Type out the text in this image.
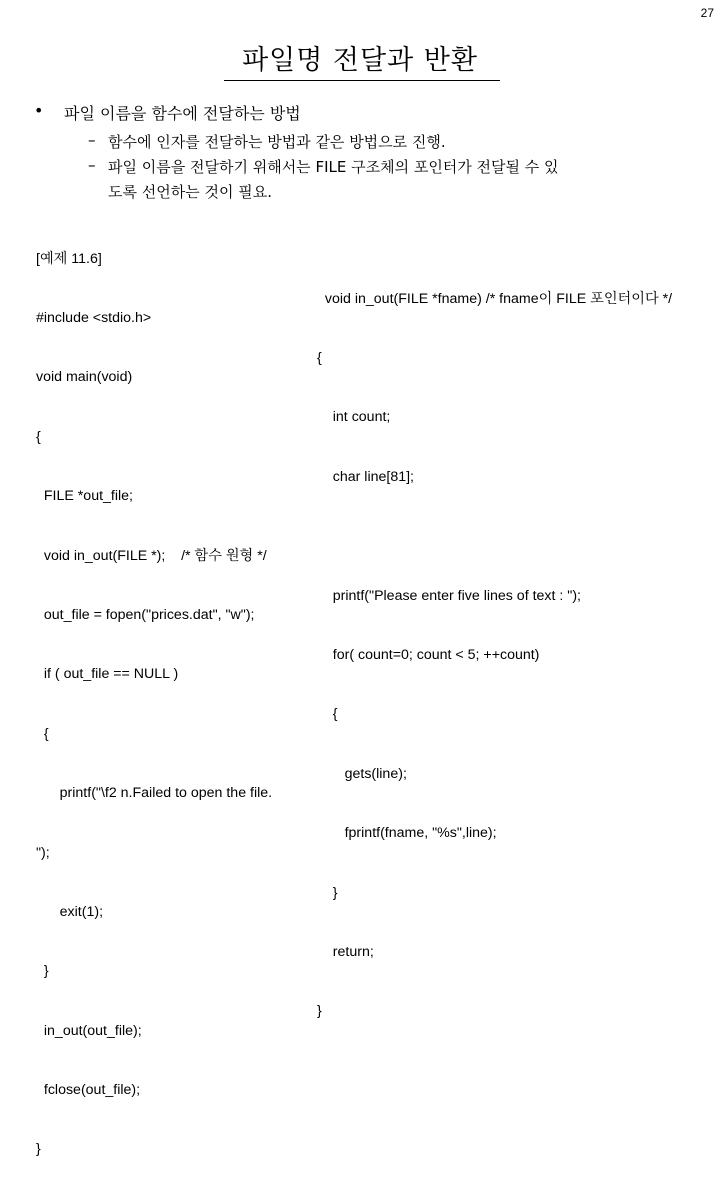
27
파일명 전달과 반환
• 파일 이름을 함수에 전달하는 방법
– 함수에 인자를 전달하는 방법과 같은 방법으로 진행.
– 파일 이름을 전달하기 위해서는 FILE 구조체의 포인터가 전달될 수 있
도록 선언하는 것이 필요.

[예제 11.6]

#include <stdio.h>

void main(void)

{

FILE *out_file;

void in_out(FILE *);    /* 함수 원형 */

out_file = fopen("prices.dat", "w");

if ( out_file == NULL )

{

printf("\f2 n.Failed to open the file.

");

exit(1);

}

in_out(out_file);

fclose(out_file);

}

void in_out(FILE *fname) /* fname이 FILE 포인터이다 */

{

int count;

char line[81];

printf("Please enter five lines of text : ");

for( count=0; count < 5; ++count)

{

gets(line);

fprintf(fname, "%s",line);

}

return;

}
